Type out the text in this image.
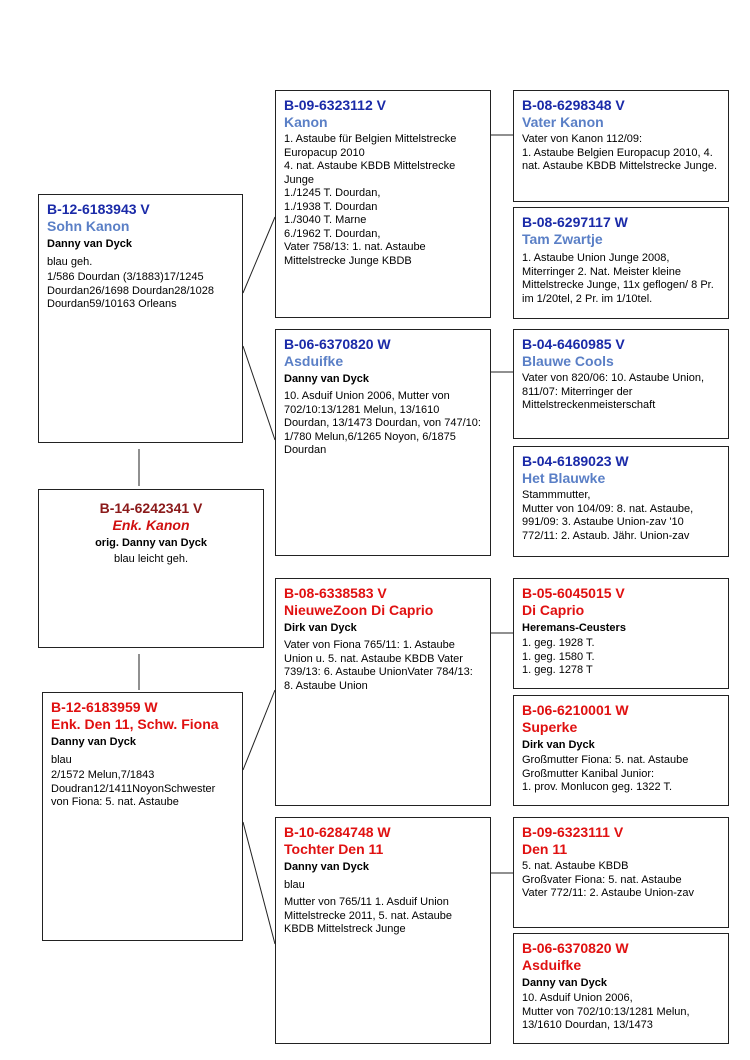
B-12-6183943 V
Sohn Kanon
Danny van Dyck
blau geh.
1/586 Dourdan (3/1883)17/1245 Dourdan26/1698 Dourdan28/1028 Dourdan59/10163 Orleans
B-14-6242341 V
Enk. Kanon
orig. Danny van Dyck
blau leicht geh.
B-12-6183959 W
Enk. Den 11, Schw. Fiona
Danny van Dyck
blau
2/1572 Melun,7/1843 Doudran12/1411NoyonSchwester von Fiona: 5. nat. Astaube
B-09-6323112 V
Kanon
1. Astaube für Belgien Mittelstrecke Europacup 2010
4. nat. Astaube KBDB Mittelstrecke Junge
1./1245 T. Dourdan,
1./1938 T. Dourdan
1./3040 T. Marne
6./1962 T. Dourdan,
Vater 758/13: 1. nat. Astaube Mittelstrecke Junge KBDB
B-06-6370820 W
Asduifke
Danny van Dyck
10. Asduif Union 2006, Mutter von 702/10:13/1281 Melun, 13/1610 Dourdan, 13/1473 Dourdan, von 747/10: 1/780 Melun,6/1265 Noyon, 6/1875 Dourdan
B-08-6338583 V
NieuweZoon Di Caprio
Dirk van Dyck
Vater von Fiona 765/11: 1. Astaube Union u. 5. nat. Astaube KBDB Vater 739/13: 6. Astaube UnionVater 784/13: 8. Astaube Union
B-10-6284748 W
Tochter Den 11
Danny van Dyck
blau
Mutter von 765/11 1. Asduif Union Mittelstrecke 2011, 5. nat. Astaube KBDB Mittelstreck Junge
B-08-6298348 V
Vater Kanon
Vater von Kanon 112/09:
1. Astaube Belgien Europacup 2010, 4. nat. Astaube KBDB Mittelstrecke Junge.
B-08-6297117 W
Tam Zwartje
1. Astaube Union Junge 2008, Miterringer 2. Nat. Meister kleine Mittelstrecke Junge, 11x geflogen/ 8 Pr. im 1/20tel, 2 Pr. im 1/10tel.
B-04-6460985 V
Blauwe Cools
Vater von 820/06: 10. Astaube Union,
811/07: Miterringer der Mittelstreckenmeisterschaft
B-04-6189023 W
Het Blauwke
Stammmutter,
Mutter von 104/09: 8. nat. Astaube, 991/09: 3. Astaube Union-zav '10
772/11: 2. Astaub. Jähr. Union-zav
B-05-6045015 V
Di Caprio
Heremans-Ceusters
1. geg. 1928 T.
1. geg. 1580 T.
1. geg. 1278 T
B-06-6210001 W
Superke
Dirk van Dyck
Großmutter Fiona: 5. nat. Astaube
Großmutter Kanibal Junior:
1. prov. Monlucon geg. 1322 T.
B-09-6323111 V
Den 11
5. nat. Astaube KBDB
Großvater Fiona: 5. nat. Astaube
Vater 772/11: 2. Astaube Union-zav
B-06-6370820 W
Asduifke
Danny van Dyck
10. Asduif Union 2006,
Mutter von 702/10:13/1281 Melun, 13/1610 Dourdan, 13/1473
